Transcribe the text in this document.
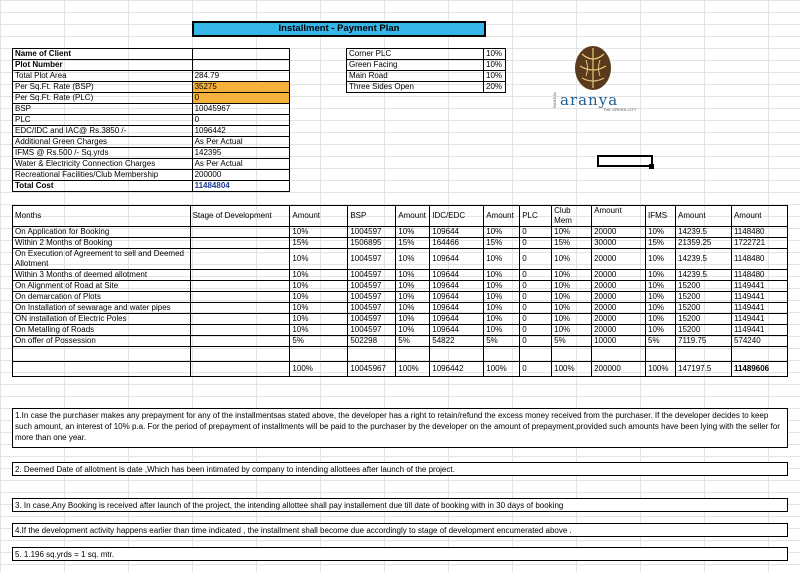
Installment - Payment Plan
Name of Client	
Plot Number	
Total Plot Area	284.79
Per Sq.Ft. Rate (BSP)	35275
Per Sq.Ft. Rate (PLC)	0
BSP	10045967
PLC	0
EDC/IDC and IAC@ Rs.3850 /-	1096442
Additional Green Charges	As Per Actual
IFMS @ Rs.500 /- Sq.yrds	142395
Water & Electricity Connection Charges	As Per Actual
Recreational Facilities/Club Membership	200000
Total Cost	11484804
Corner PLC	10%
Green Facing	10%
Main Road	10%
Three Sides Open	20%
RAHEJA aranya
THE GREEN CITY
Months	Stage of Development	Amount	BSP	Amount	IDC/EDC	Amount	PLC	Club Mem	Amount	IFMS	Amount	Amount
On Application for Booking		10%	1004597	10%	109644	10%	0	10%	20000	10%	14239.5	1148480
Within 2 Months of Booking		15%	1506895	15%	164466	15%	0	15%	30000	15%	21359.25	1722721
On Execution of Agreement to sell and Deemed Allotment		10%	1004597	10%	109644	10%	0	10%	20000	10%	14239.5	1148480
Within 3 Months of deemed allotment		10%	1004597	10%	109644	10%	0	10%	20000	10%	14239.5	1148480
On Alignment of Road at Site		10%	1004597	10%	109644	10%	0	10%	20000	10%	15200	1149441
On demarcation of Plots		10%	1004597	10%	109644	10%	0	10%	20000	10%	15200	1149441
On Installation of sewarage and water pipes		10%	1004597	10%	109644	10%	0	10%	20000	10%	15200	1149441
ON installation of Electric Poles		10%	1004597	10%	109644	10%	0	10%	20000	10%	15200	1149441
On Metalling of Roads		10%	1004597	10%	109644	10%	0	10%	20000	10%	15200	1149441
On offer of Possession		5%	502298	5%	54822	5%	0	5%	10000	5%	7119.75	574240

		100%	10045967	100%	1096442	100%	0	100%	200000	100%	147197.5	11489606
1.In case the purchaser makes any prepayment for any of the installmentsas stated above, the developer has a right to retain/refund the excess money received from the purchaser. If the developer decides to keep such amount, an interest of 10% p.a. For the period of prepayment of installments will be paid to the purchaser by the developer on the amount of prepayment,provided such amounts have been lying with the seller for more than one year.
2. Deemed Date of allotment is date ,Which has been intimated by company to intending allottees after launch of the project.
3. In case,Any Booking is received after launch of the project, the intending allottee shall pay installement due till date of booking with in 30 days of booking
4.If the development activity happens earlier than time indicated , the installment shall become due accordingly to stage of development encumerated above .
5. 1.196 sq.yrds = 1 sq. mtr.
